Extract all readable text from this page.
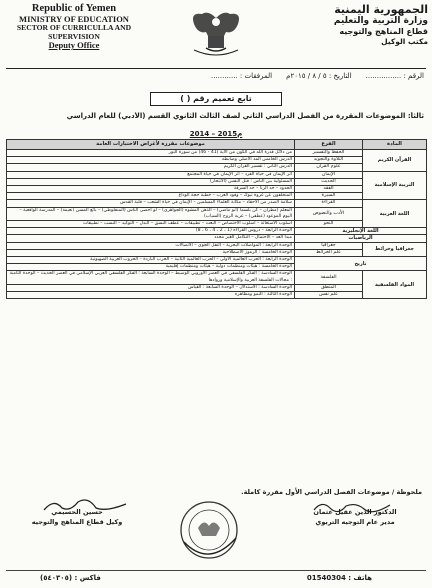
Republic of Yemen
MINISTRY OF EDUCATION
SECTOR OF CURRICULLA AND
SUPERVISION
Deputy Office
الجمهورية اليمنية
وزارة التربية والتعليم
قطاع المناهج والتوجيه
مكتب الوكيل
الرقم : ................
التاريخ : ٥ / ٨ / ٢٠١٥م
المرفقات : ............
تابع تعميم رقم ( )
ثالثاً: الموضوعات المقررة من الفصل الدراسي الثاني لصف الثالث الثانوي القسم (الأدبي) للعام الدراسي
2014 – 2015م
المادة	الفرع	موضوعات مقررة لأغراض الاختبارات العامة
القرآن الكريم	الحفظ والتفسير	من دلائل قدرة الله في الكون من الآية (41 - 46) من سورة النور
	التلاوة والتجويد	الدرس الخامس المد الأصلي وضابطه
	علوم القرآن	الدرس الثاني : تفسير القرآن الكريم
التربية الإسلامية	الإيمان	أثر الإيمان في حياة الفرد – أثر الإيمان في حياة المجتمع
	الحديث	المسئولية بين الناس : قتل النفس (الانتحار)
	الفقه	الحدود – حد الزنا – حد السرقة
	السيرة	المتخلفون عن غزوة تبوك – وفود العرب – خطبة حجة الوداع
اللغة العربية	القراءة	سلامة الصدر من الأحقاد – مكانة العلماء المسلمين – الإيمان في حياة الشعب – قلبة القدس
	الأدب والنصوص	المعلم (مطران – كن بلسماً (أبو ماضي) – الذهن المشوه (الجواهري) – لو أحصى الناس (المنفلوطي) – بائع المسن (نعيمة) – المدرسة الواقعية – اليوم الموعود (عطفي) – غربة الروح (السياب)
	النحو	أسلوب الاستغاثة – أسلوب الاختصاص – النعت – تطبيقات – عطف النسق – البدل – التوكيد – النسب – تطبيقات
اللغة الإنجليزية		الوحدة الرابعة – دروس القراءة (1 ، 2 ، 4 ، 6 ، 8)
الرياضيات		مبدأ العد – الاحتمال – التكامل الغير محدد
جغرافيا وخرائط	جغرافيا	الوحدة الرابعة : المواصلات البحرية – النقل الجوي – الاتصالات
	علم الخرائط	الوحدة الخامسة : الرموز الاصطلاحية
تاريخ		الوحدة الرابعة : الحرب العالمية الأولى – الحرب العالمية الثانية – الحرب الباردة – الحروب العربية الصهيونية
		الوحدة الخامسة : هيئات ومنظمات دولية – هيئات ومنظمات إقليمية
المواد الفلسفية	الفلسفة	الوحدة السادسة : الفكر الفلسفي في العصر الأوروبي الوسيط – الوحدة السابعة : الفكر الفلسفي العربي الإسلامي في العصر الحديث – الوحدة الثامنة : مجالات الفلسفة العربية والإسلامية وروادها
	المنطق	الوحدة السادسة : الاستدلال – الوحدة السابعة : القياس
	علم نفس	الوحدة الثالثة : النمو ومظاهره
ملحوظة / موضوعات الفصل الدراسي الأول مقررة كاملة.
الدكتور الدين عقيل عثمان
مدير عام التوجيه التربوي
حسين الحسيمي
وكيل قطاع المناهج والتوجيه
هاتف : 01540304
فاكس : (٥٤٠٣٠٥)
